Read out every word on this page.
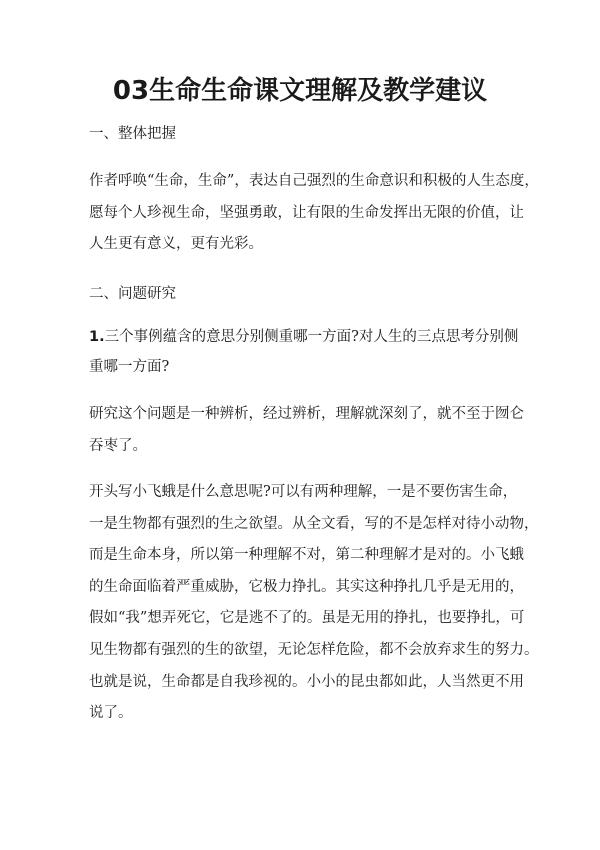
03生命生命课文理解及教学建议

一、整体把握

作者呼唤“生命，生命”，表达自己强烈的生命意识和积极的人生态度，
愿每个人珍视生命，坚强勇敢，让有限的生命发挥出无限的价值，让
人生更有意义，更有光彩。

二、问题研究

1.三个事例蕴含的意思分别侧重哪一方面?对人生的三点思考分别侧
重哪一方面?

研究这个问题是一种辨析，经过辨析，理解就深刻了，就不至于囫仑
吞枣了。

开头写小飞蛾是什么意思呢?可以有两种理解，一是不要伤害生命，
一是生物都有强烈的生之欲望。从全文看，写的不是怎样对待小动物，
而是生命本身，所以第一种理解不对，第二种理解才是对的。小飞蛾
的生命面临着严重威胁，它极力挣扎。其实这种挣扎几乎是无用的，
假如“我”想弄死它，它是逃不了的。虽是无用的挣扎，也要挣扎，可
见生物都有强烈的生的欲望，无论怎样危险，都不会放弃求生的努力。
也就是说，生命都是自我珍视的。小小的昆虫都如此，人当然更不用
说了。
